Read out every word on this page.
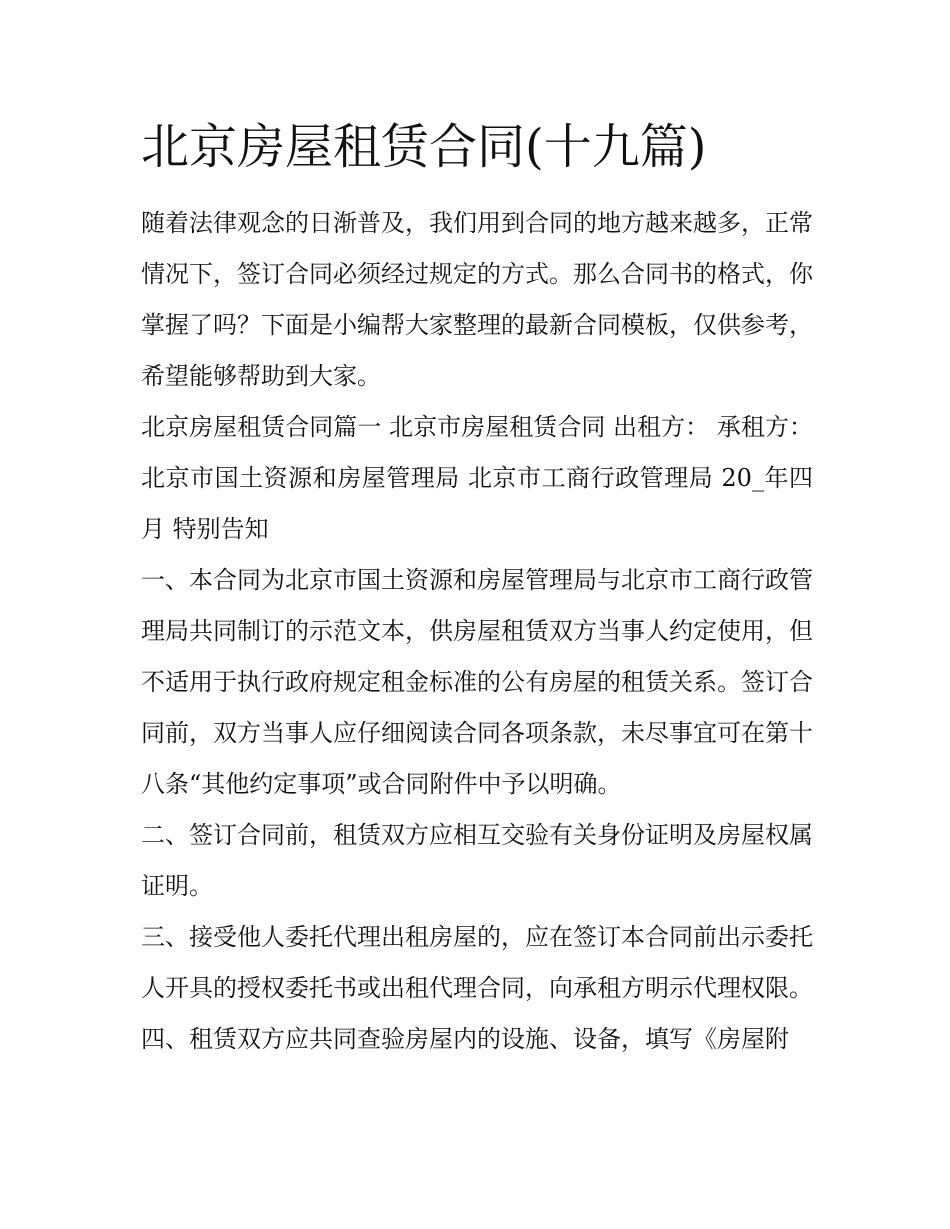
北京房屋租赁合同(十九篇)

随着法律观念的日渐普及，我们用到合同的地方越来越多，正常情况下，签订合同必须经过规定的方式。那么合同书的格式，你掌握了吗？下面是小编帮大家整理的最新合同模板，仅供参考，希望能够帮助到大家。

北京房屋租赁合同篇一 北京市房屋租赁合同 出租方： 承租方： 北京市国土资源和房屋管理局 北京市工商行政管理局 20_年四月 特别告知

一、本合同为北京市国土资源和房屋管理局与北京市工商行政管理局共同制订的示范文本，供房屋租赁双方当事人约定使用，但不适用于执行政府规定租金标准的公有房屋的租赁关系。签订合同前，双方当事人应仔细阅读合同各项条款，未尽事宜可在第十八条“其他约定事项”或合同附件中予以明确。

二、签订合同前，租赁双方应相互交验有关身份证明及房屋权属证明。

三、接受他人委托代理出租房屋的，应在签订本合同前出示委托人开具的授权委托书或出租代理合同，向承租方明示代理权限。

四、租赁双方应共同查验房屋内的设施、设备，填写《房屋附
